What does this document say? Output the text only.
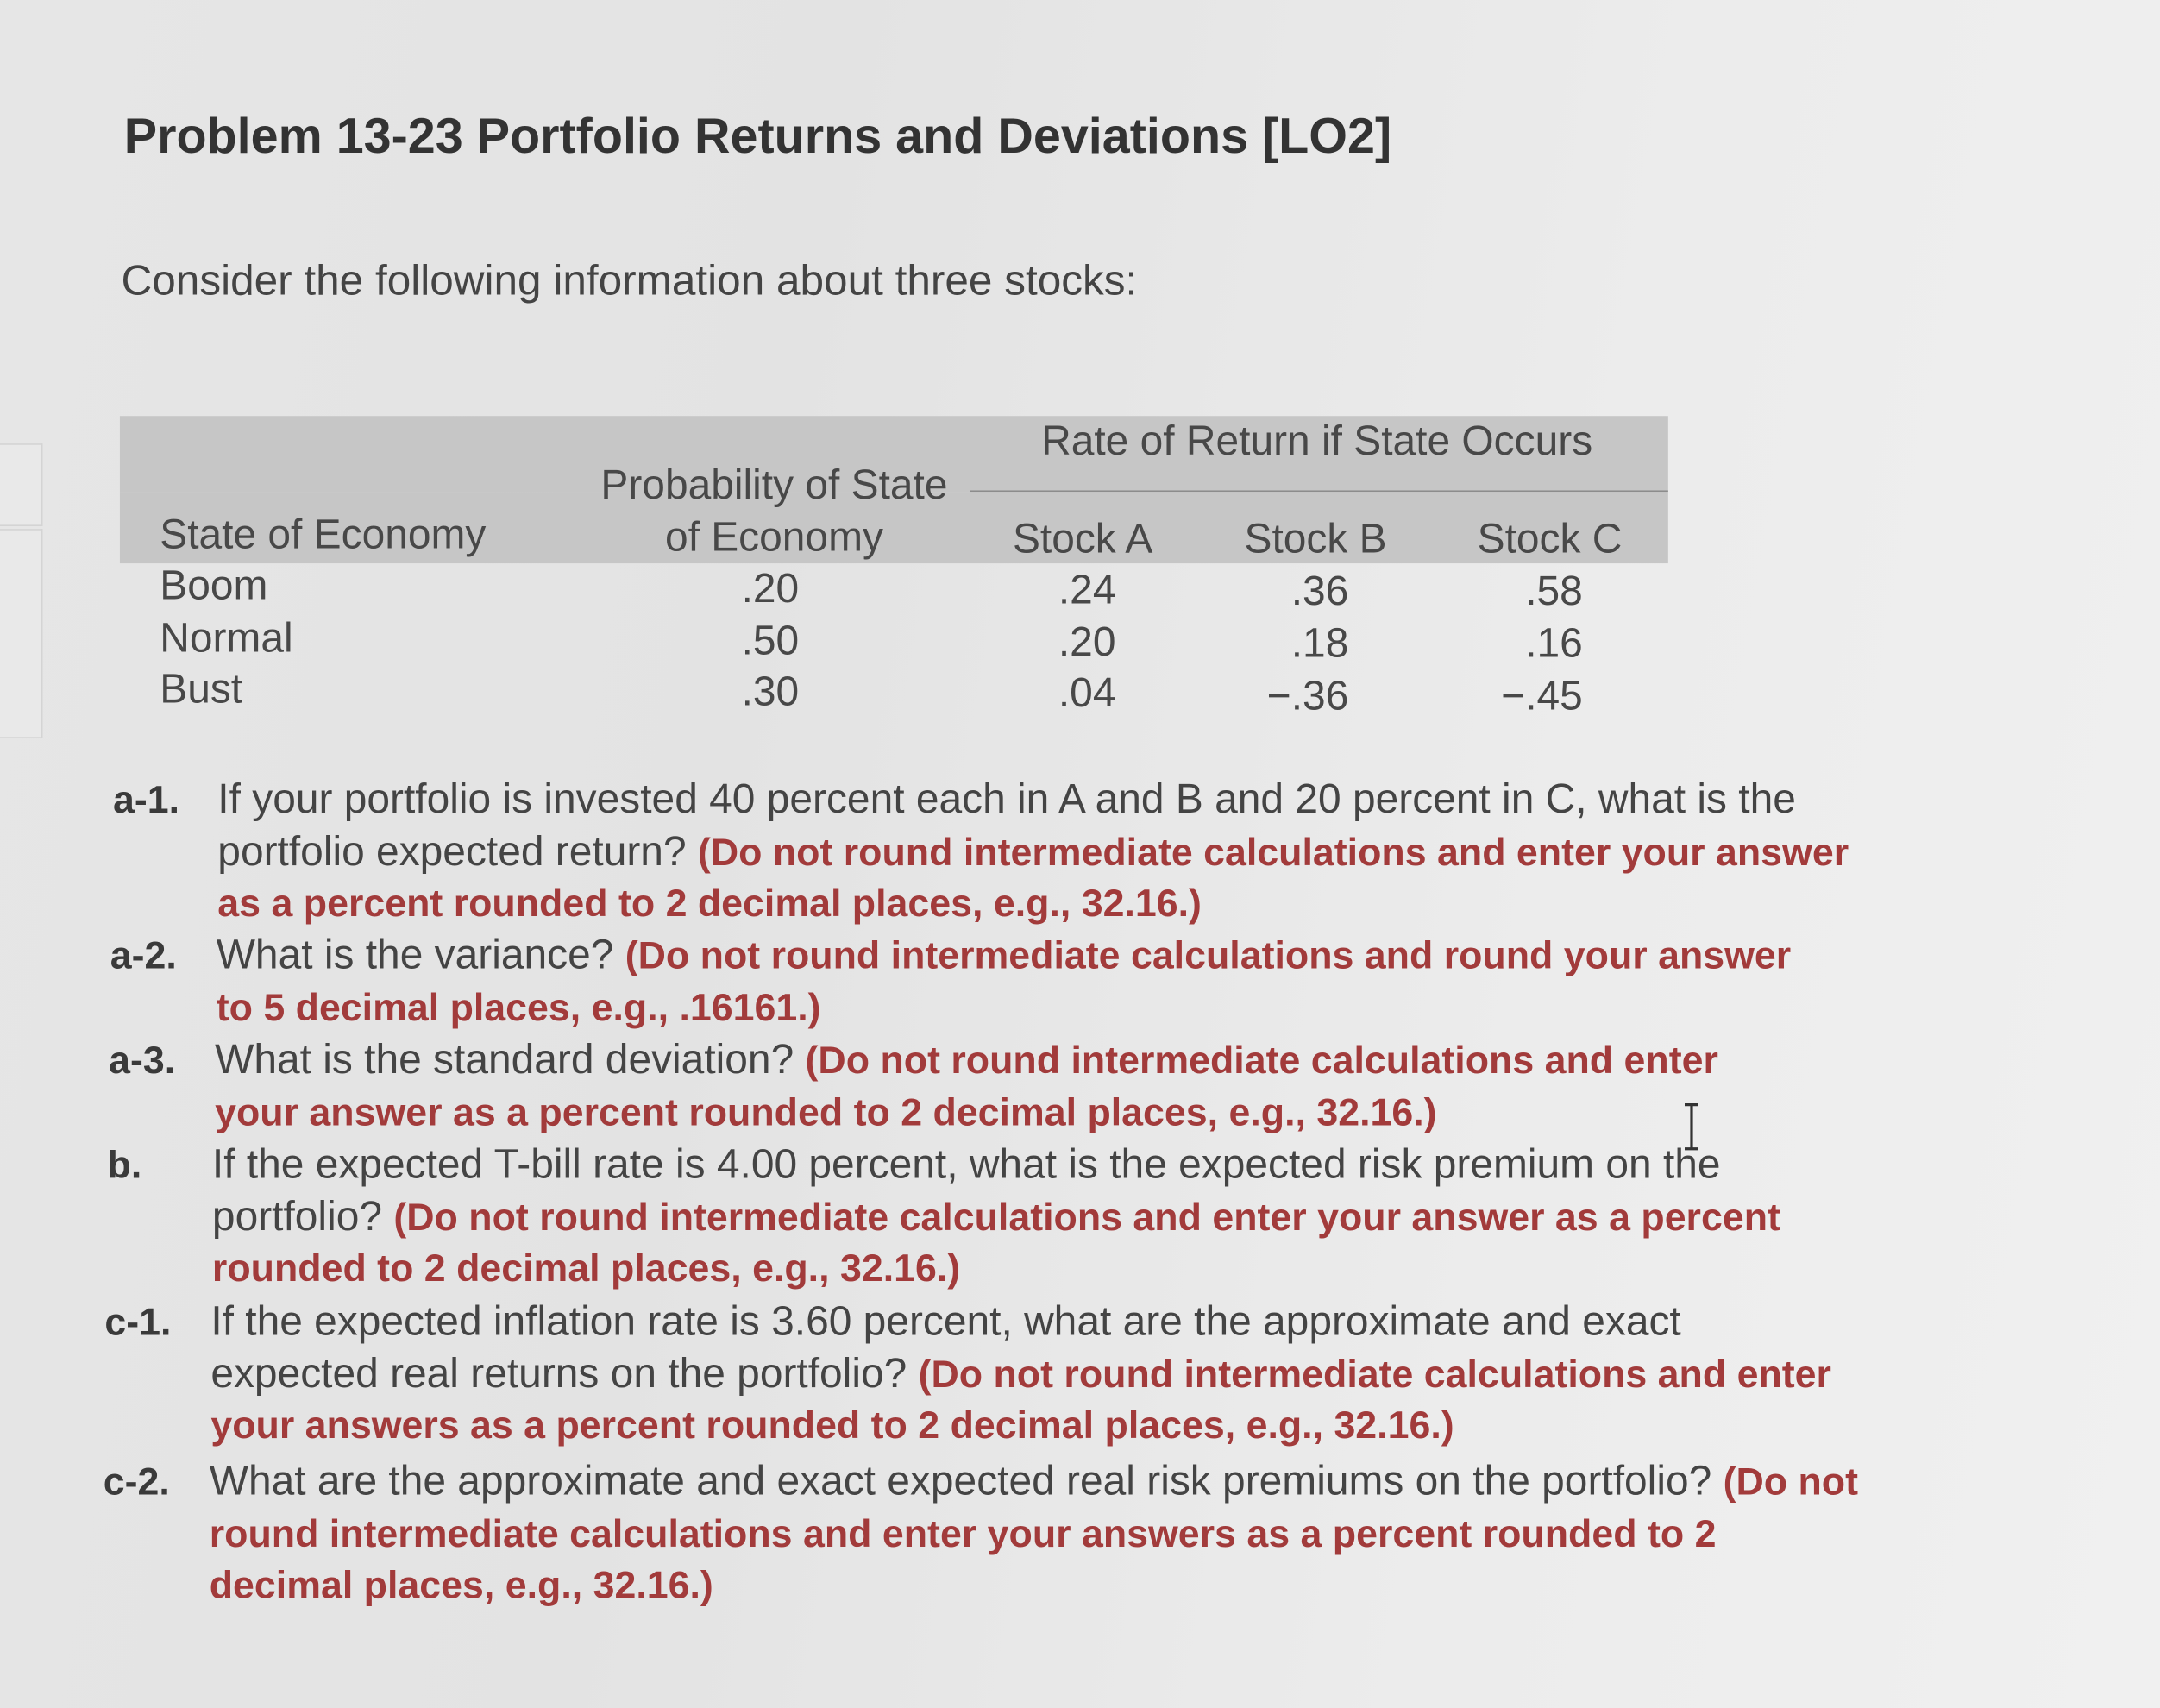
Problem 13-23 Portfolio Returns and Deviations [LO2]
Consider the following information about three stocks:
Rate of Return if State Occurs
Probability of State
State of Economy	of Economy	Stock A	Stock B	Stock C
Boom	.20	.24	.36	.58
Normal	.50	.20	.18	.16
Bust	.30	.04	−.36	−.45
a-1. If your portfolio is invested 40 percent each in A and B and 20 percent in C, what is the portfolio expected return? (Do not round intermediate calculations and enter your answer as a percent rounded to 2 decimal places, e.g., 32.16.)
a-2. What is the variance? (Do not round intermediate calculations and round your answer to 5 decimal places, e.g., .16161.)
a-3. What is the standard deviation? (Do not round intermediate calculations and enter your answer as a percent rounded to 2 decimal places, e.g., 32.16.)
b.	If the expected T-bill rate is 4.00 percent, what is the expected risk premium on the portfolio? (Do not round intermediate calculations and enter your answer as a percent rounded to 2 decimal places, e.g., 32.16.)
c-1. If the expected inflation rate is 3.60 percent, what are the approximate and exact expected real returns on the portfolio? (Do not round intermediate calculations and enter your answers as a percent rounded to 2 decimal places, e.g., 32.16.)
c-2. What are the approximate and exact expected real risk premiums on the portfolio? (Do not round intermediate calculations and enter your answers as a percent rounded to 2 decimal places, e.g., 32.16.)
